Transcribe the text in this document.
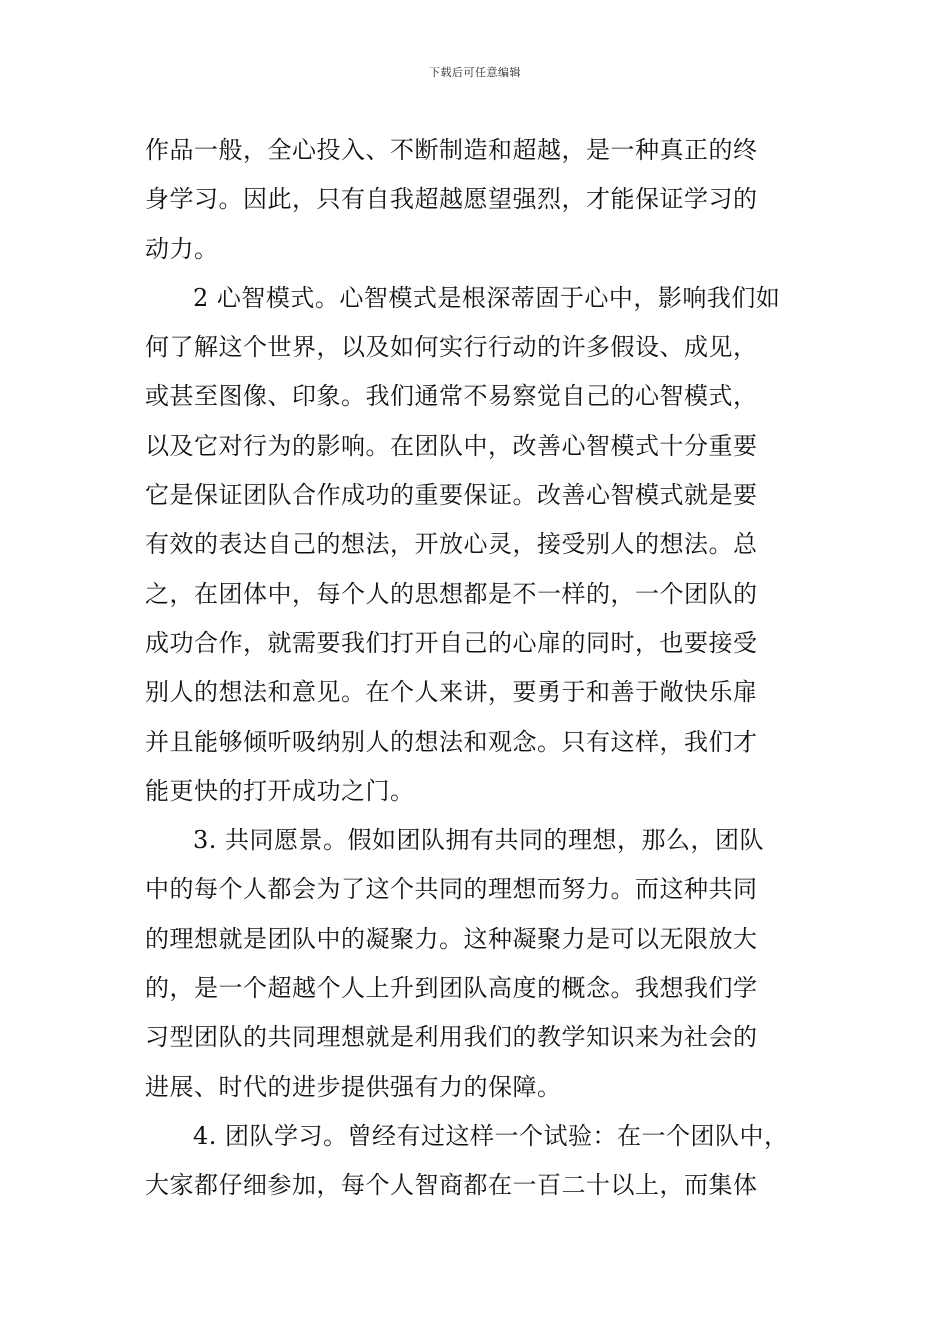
下载后可任意编辑
作品一般，全心投入、不断制造和超越，是一种真正的终
身学习。因此，只有自我超越愿望强烈，才能保证学习的
动力。
2 心智模式。心智模式是根深蒂固于心中，影响我们如
何了解这个世界，以及如何实行行动的许多假设、成见，
或甚至图像、印象。我们通常不易察觉自己的心智模式，
以及它对行为的影响。在团队中，改善心智模式十分重要
它是保证团队合作成功的重要保证。改善心智模式就是要
有效的表达自己的想法，开放心灵，接受别人的想法。总
之，在团体中，每个人的思想都是不一样的，一个团队的
成功合作，就需要我们打开自己的心扉的同时，也要接受
别人的想法和意见。在个人来讲，要勇于和善于敞快乐扉
并且能够倾听吸纳别人的想法和观念。只有这样，我们才
能更快的打开成功之门。
3. 共同愿景。假如团队拥有共同的理想，那么，团队
中的每个人都会为了这个共同的理想而努力。而这种共同
的理想就是团队中的凝聚力。这种凝聚力是可以无限放大
的，是一个超越个人上升到团队高度的概念。我想我们学
习型团队的共同理想就是利用我们的教学知识来为社会的
进展、时代的进步提供强有力的保障。
4. 团队学习。曾经有过这样一个试验：在一个团队中，
大家都仔细参加，每个人智商都在一百二十以上，而集体
